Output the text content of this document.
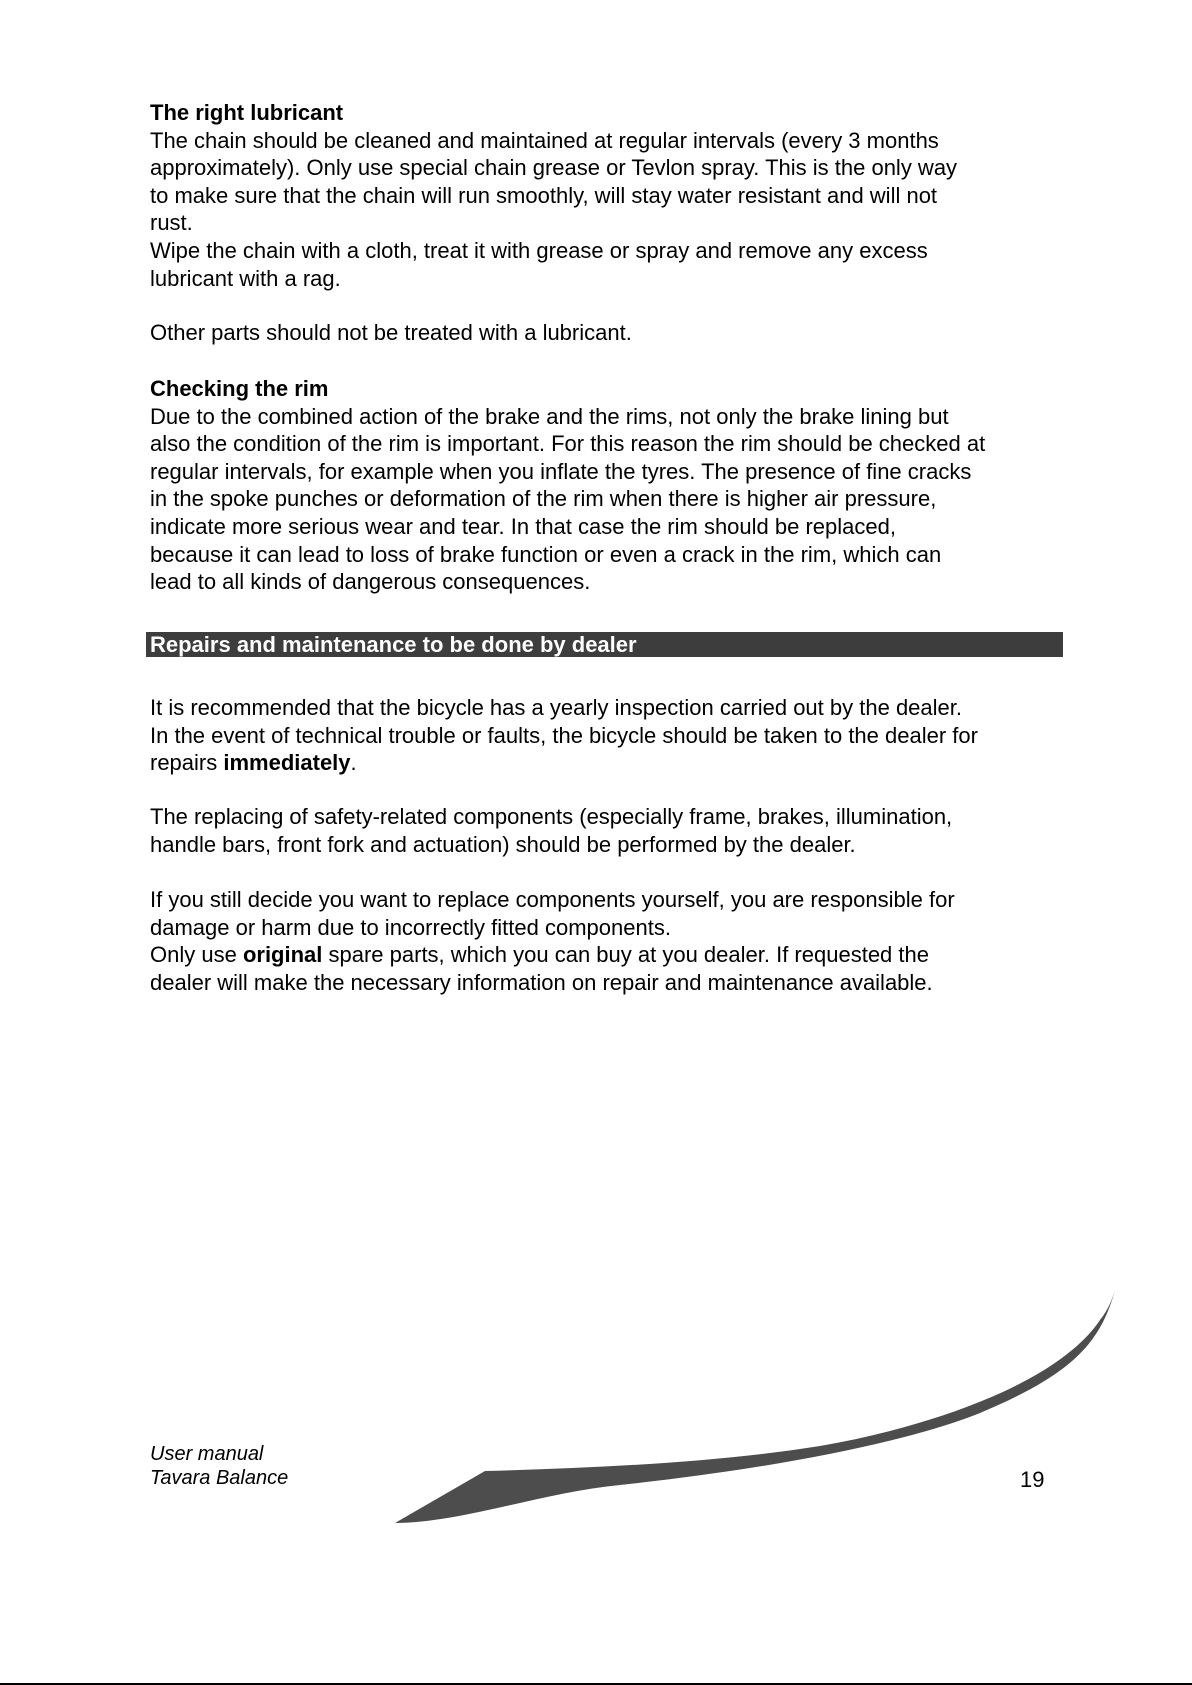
The right lubricant
The chain should be cleaned and maintained at regular intervals (every 3 months
approximately). Only use special chain grease or Tevlon spray. This is the only way
to make sure that the chain will run smoothly, will stay water resistant and will not
rust.
Wipe the chain with a cloth, treat it with grease or spray and remove any excess
lubricant with a rag.
Other parts should not be treated with a lubricant.
Checking the rim
Due to the combined action of the brake and the rims, not only the brake lining but
also the condition of the rim is important. For this reason the rim should be checked at
regular intervals, for example when you inflate the tyres. The presence of fine cracks
in the spoke punches or deformation of the rim when there is higher air pressure,
indicate more serious wear and tear. In that case the rim should be replaced,
because it can lead to loss of brake function or even a crack in the rim, which can
lead to all kinds of dangerous consequences.
Repairs and maintenance to be done by dealer
It is recommended that the bicycle has a yearly inspection carried out by the dealer.
In the event of technical trouble or faults, the bicycle should be taken to the dealer for
repairs immediately.
The replacing of safety-related components (especially frame, brakes, illumination,
handle bars, front fork and actuation) should be performed by the dealer.
If you still decide you want to replace components yourself, you are responsible for
damage or harm due to incorrectly fitted components.
Only use original spare parts, which you can buy at you dealer. If requested the
dealer will make the necessary information on repair and maintenance available.
User manual
Tavara Balance	19
